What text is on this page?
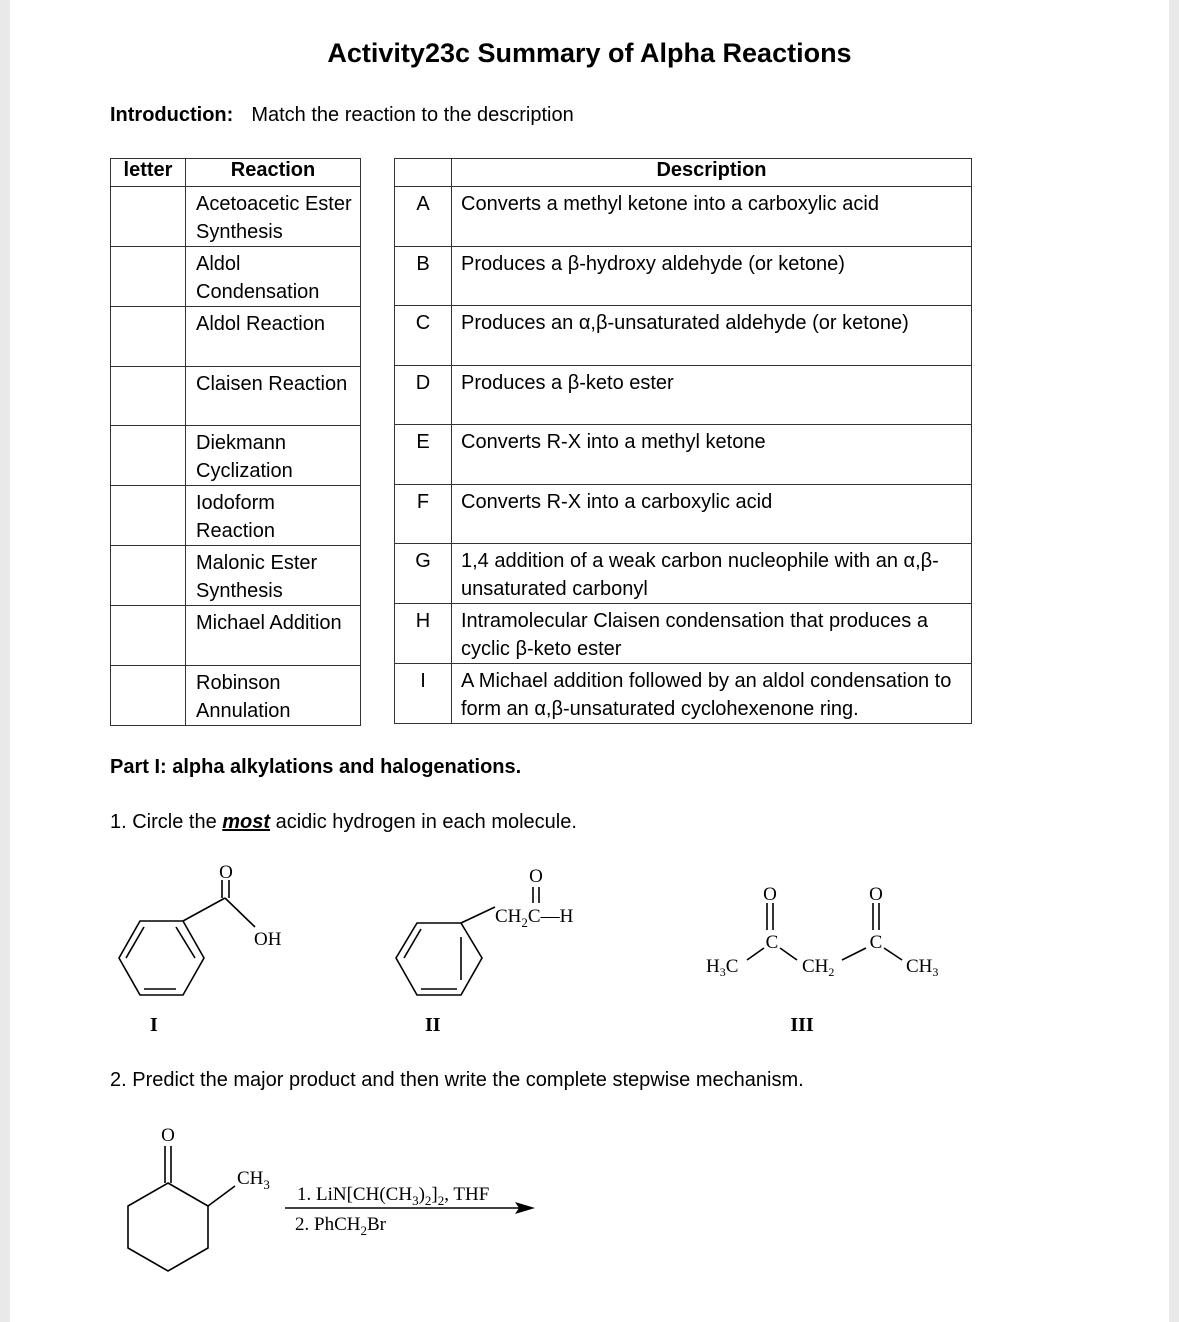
Activity23c Summary of Alpha Reactions
Introduction: Match the reaction to the description
letter	Reaction
	Acetoacetic Ester Synthesis
	Aldol Condensation
	Aldol Reaction
	Claisen Reaction
	Diekmann Cyclization
	Iodoform Reaction
	Malonic Ester Synthesis
	Michael Addition
	Robinson Annulation
	Description
A	Converts a methyl ketone into a carboxylic acid
B	Produces a β-hydroxy aldehyde (or ketone)
C	Produces an α,β-unsaturated aldehyde (or ketone)
D	Produces a β-keto ester
E	Converts R-X into a methyl ketone
F	Converts R-X into a carboxylic acid
G	1,4 addition of a weak carbon nucleophile with an α,β-unsaturated carbonyl
H	Intramolecular Claisen condensation that produces a cyclic β-keto ester
I	A Michael addition followed by an aldol condensation to form an α,β-unsaturated cyclohexenone ring.
Part I: alpha alkylations and halogenations.
1. Circle the most acidic hydrogen in each molecule.
2. Predict the major product and then write the complete stepwise mechanism.
O
OH
I
O
$CH_2C—H$
II
O	O
C	C
$H_3C$	$CH_2$	$CH_3$
III
O
$CH_3$ 1. $LiN[CH(CH_3)_2]_2$, THF
2. PhCH$_2$Br
